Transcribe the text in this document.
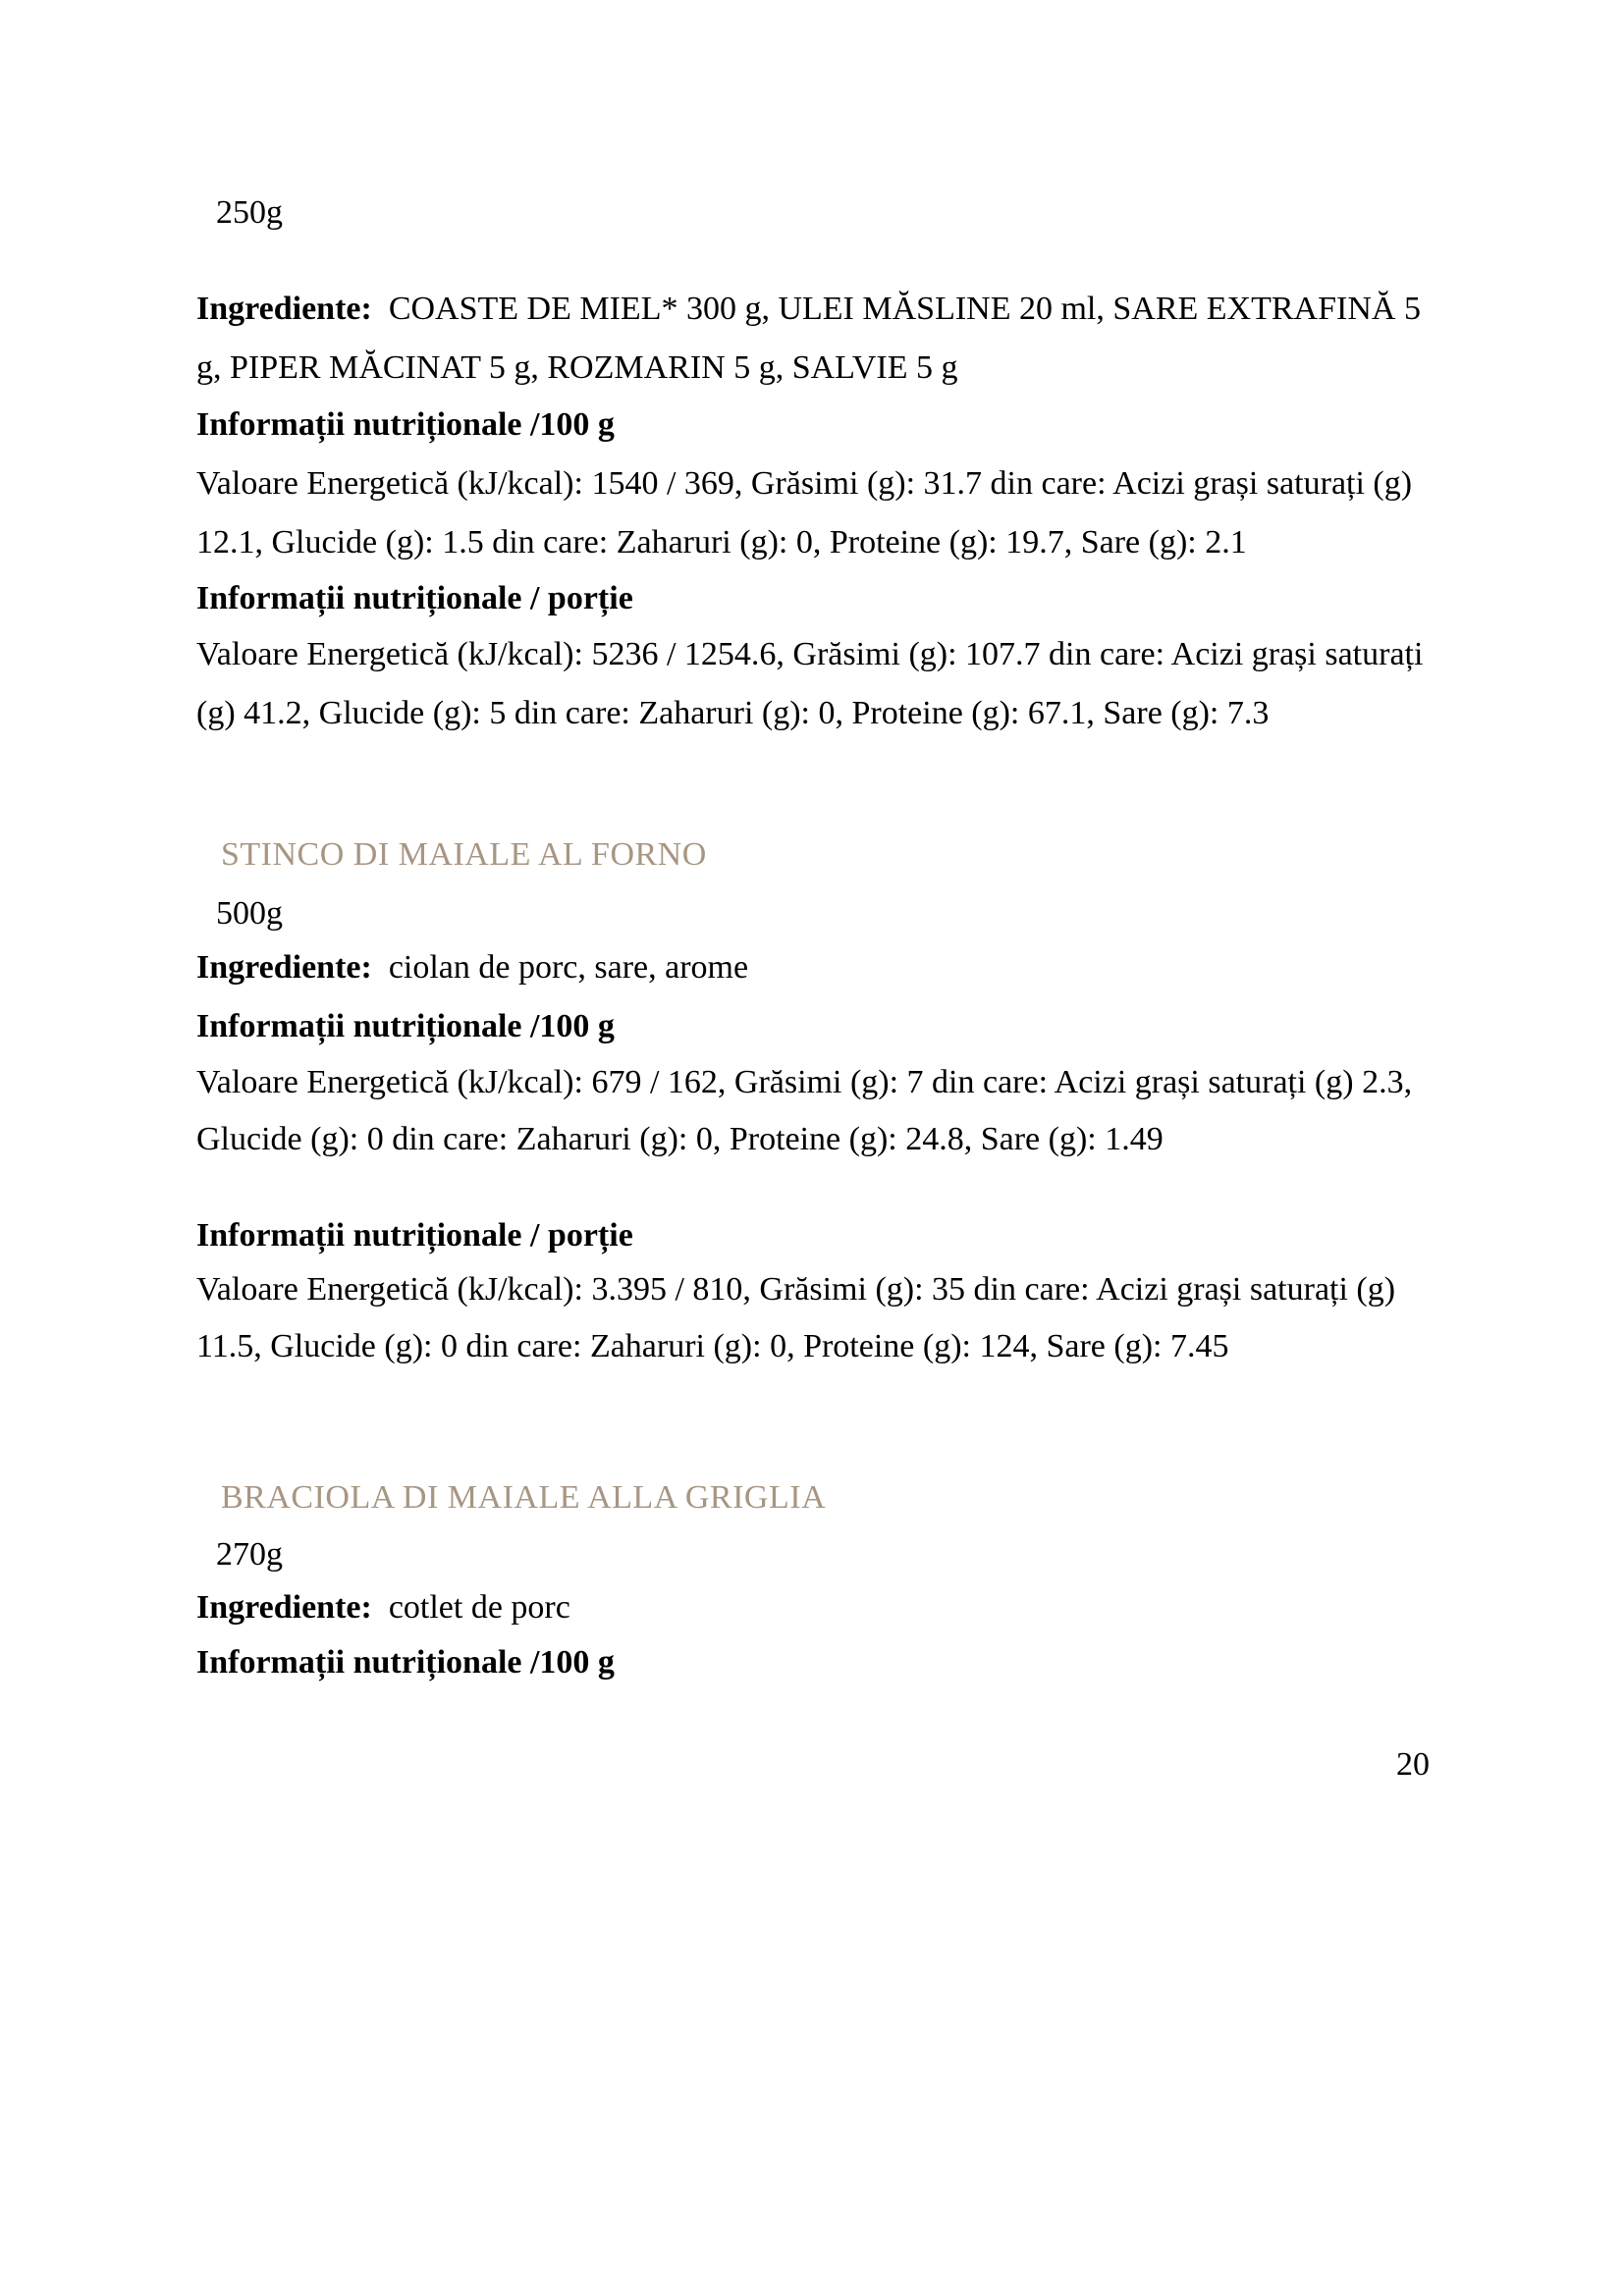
250g
Ingrediente:  COASTE DE MIEL* 300 g, ULEI MĂSLINE 20 ml, SARE EXTRAFINĂ 5
g, PIPER MĂCINAT 5 g, ROZMARIN 5 g, SALVIE 5 g
Informații nutriționale /100 g
Valoare Energetică (kJ/kcal): 1540 / 369, Grăsimi (g): 31.7 din care: Acizi grași saturați (g)
12.1, Glucide (g): 1.5 din care: Zaharuri (g): 0, Proteine (g): 19.7, Sare (g): 2.1
Informații nutriționale / porție
Valoare Energetică (kJ/kcal): 5236 / 1254.6, Grăsimi (g): 107.7 din care: Acizi grași saturați
(g) 41.2, Glucide (g): 5 din care: Zaharuri (g): 0, Proteine (g): 67.1, Sare (g): 7.3
STINCO DI MAIALE AL FORNO
500g
Ingrediente:  ciolan de porc, sare, arome
Informații nutriționale /100 g
Valoare Energetică (kJ/kcal): 679 / 162, Grăsimi (g): 7 din care: Acizi grași saturați (g) 2.3,
Glucide (g): 0 din care: Zaharuri (g): 0, Proteine (g): 24.8, Sare (g): 1.49
Informații nutriționale / porție
Valoare Energetică (kJ/kcal): 3.395 / 810, Grăsimi (g): 35 din care: Acizi grași saturați (g)
11.5, Glucide (g): 0 din care: Zaharuri (g): 0, Proteine (g): 124, Sare (g): 7.45
BRACIOLA DI MAIALE ALLA GRIGLIA
270g
Ingrediente:  cotlet de porc
Informații nutriționale /100 g
20
